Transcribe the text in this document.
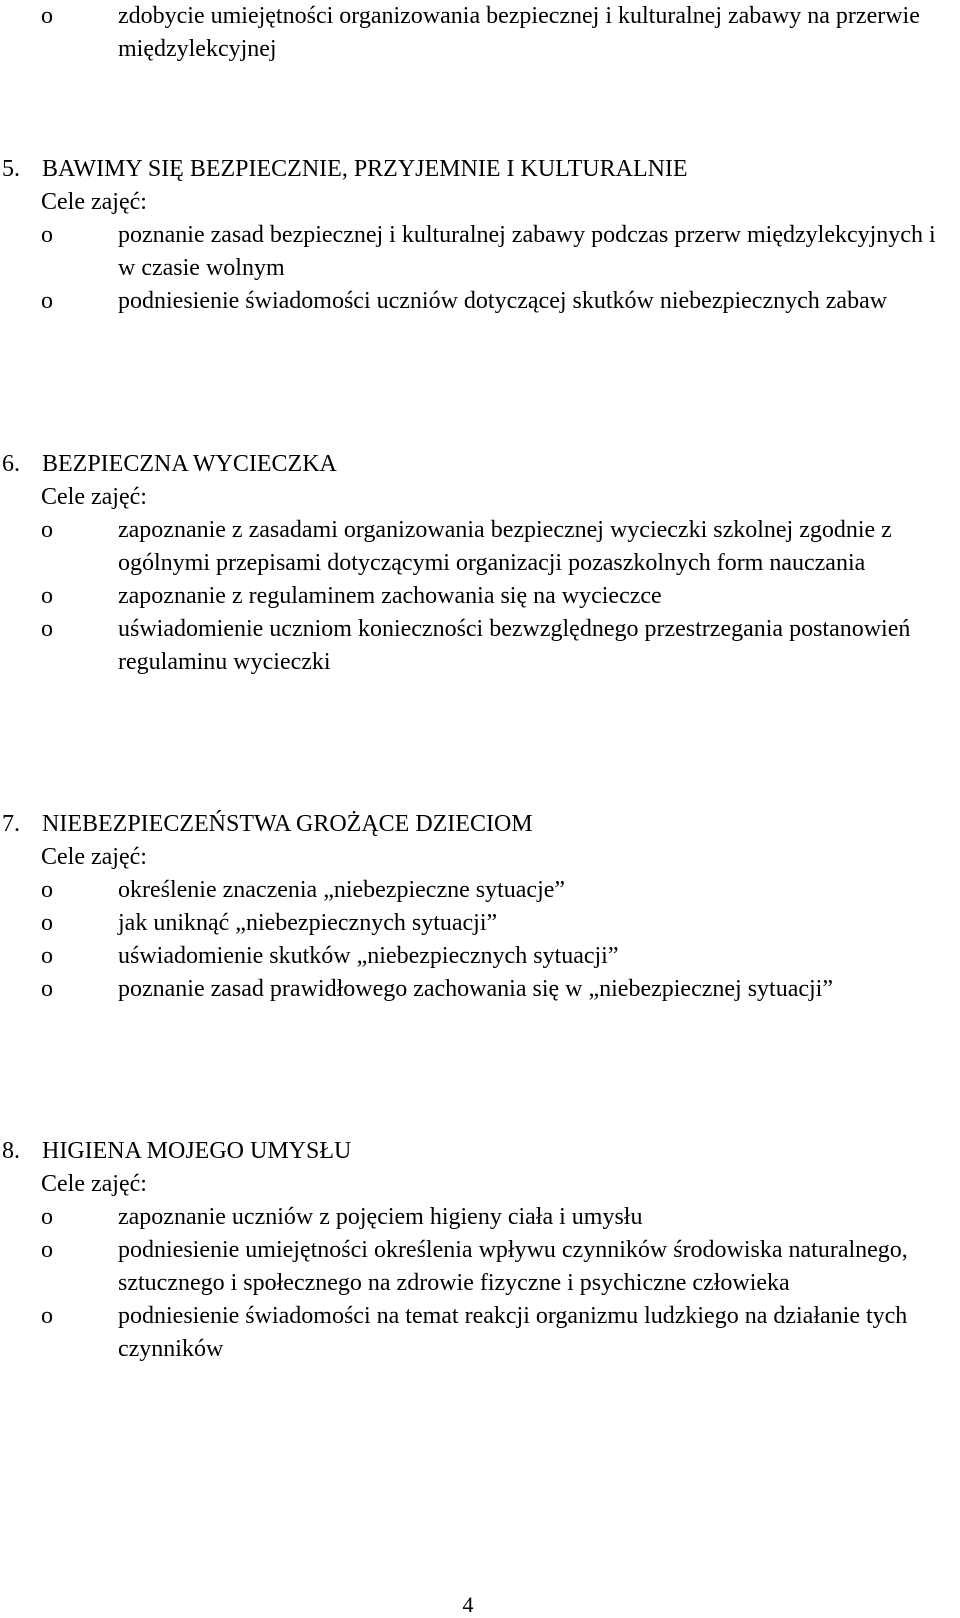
o	zdobycie umiejętności organizowania bezpiecznej i kulturalnej zabawy na przerwie międzylekcyjnej
5. BAWIMY SIĘ BEZPIECZNIE, PRZYJEMNIE I KULTURALNIE
Cele zajęć:
o	poznanie zasad bezpiecznej i kulturalnej zabawy podczas przerw międzylekcyjnych i w czasie wolnym
o	podniesienie świadomości uczniów dotyczącej skutków niebezpiecznych zabaw
6. BEZPIECZNA WYCIECZKA
Cele zajęć:
o	zapoznanie z zasadami organizowania bezpiecznej wycieczki szkolnej zgodnie z ogólnymi przepisami dotyczącymi organizacji pozaszkolnych form nauczania
o	zapoznanie z regulaminem zachowania się na wycieczce
o	uświadomienie uczniom konieczności bezwzględnego przestrzegania postanowień regulaminu wycieczki
7. NIEBEZPIECZEŃSTWA GROŻĄCE DZIECIOM
Cele zajęć:
o	określenie znaczenia „niebezpieczne sytuacje”
o	jak uniknąć „niebezpiecznych sytuacji”
o	uświadomienie skutków „niebezpiecznych sytuacji”
o	poznanie zasad prawidłowego zachowania się w „niebezpiecznej sytuacji”
8. HIGIENA MOJEGO UMYSŁU
Cele zajęć:
o	zapoznanie uczniów z pojęciem higieny ciała i umysłu
o	podniesienie umiejętności określenia wpływu czynników środowiska naturalnego, sztucznego i społecznego na zdrowie fizyczne i psychiczne człowieka
o	podniesienie świadomości na temat reakcji organizmu ludzkiego na działanie tych czynników
4
